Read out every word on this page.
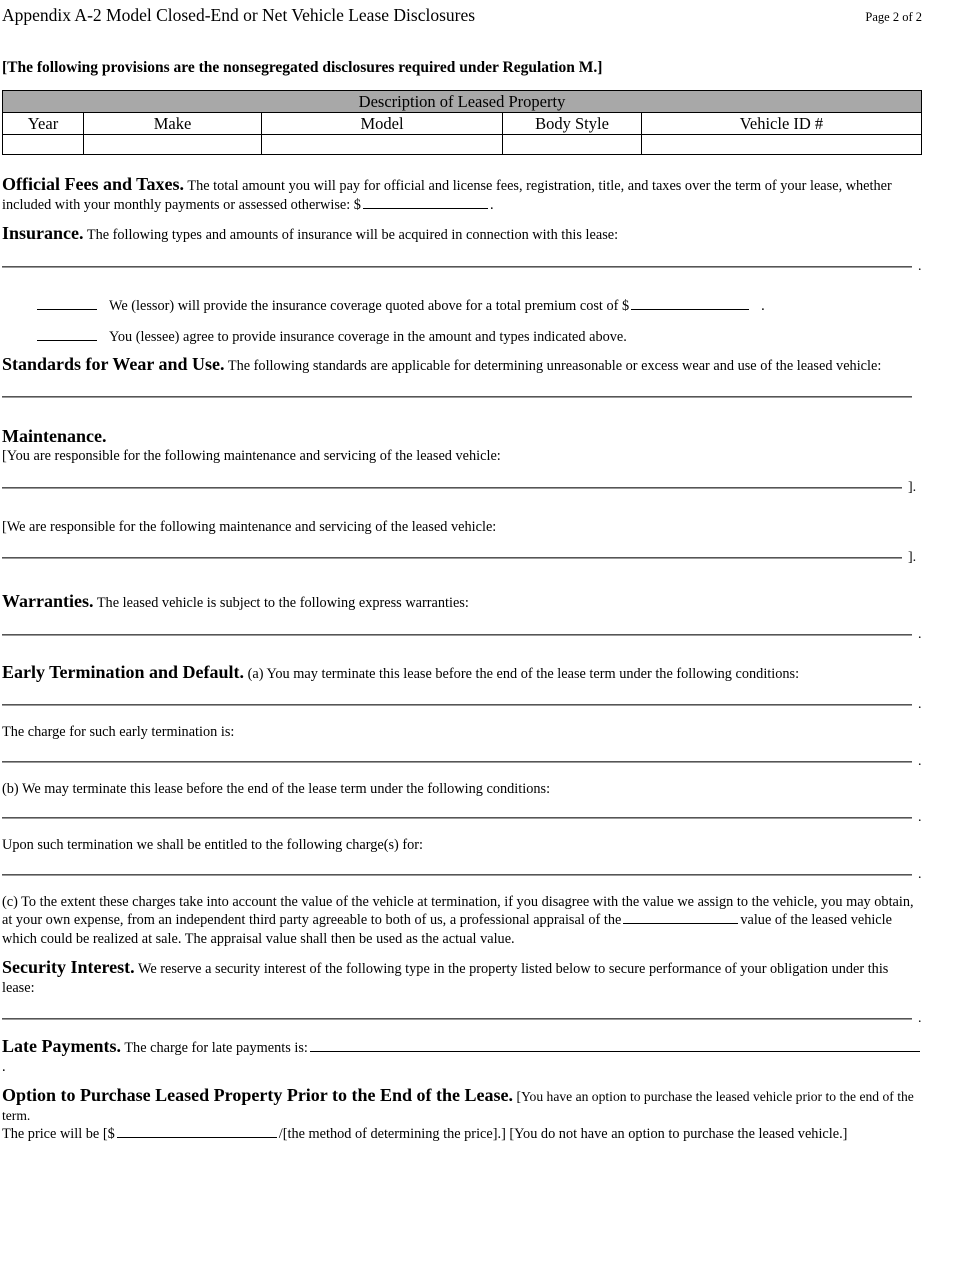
Appendix A-2 Model Closed-End or Net Vehicle Lease Disclosures	Page 2 of 2

[The following provisions are the nonsegregated disclosures required under Regulation M.]

Description of Leased Property				
Year	Make	Model	Body Style	Vehicle ID #

Official Fees and Taxes. The total amount you will pay for official and license fees, registration, title, and taxes over the term of your lease, whether included with your monthly payments or assessed otherwise: $	.

Insurance. The following types and amounts of insurance will be acquired in connection with this lease:

.

We (lessor) will provide the insurance coverage quoted above for a total premium cost of $	.

You (lessee) agree to provide insurance coverage in the amount and types indicated above.

Standards for Wear and Use. The following standards are applicable for determining unreasonable or excess wear and use of the leased vehicle:

Maintenance.

[You are responsible for the following maintenance and servicing of the leased vehicle:

].

[We are responsible for the following maintenance and servicing of the leased vehicle:

].

Warranties. The leased vehicle is subject to the following express warranties:

.

Early Termination and Default. (a) You may terminate this lease before the end of the lease term under the following conditions:

.

The charge for such early termination is:

.

(b) We may terminate this lease before the end of the lease term under the following conditions:

.

Upon such termination we shall be entitled to the following charge(s) for:

.

(c) To the extent these charges take into account the value of the vehicle at termination, if you disagree with the value we assign to the vehicle, you may obtain, at your own expense, from an independent third party agreeable to both of us, a professional appraisal of the	value of the leased vehicle which could be realized at sale. The appraisal value shall then be used as the actual value.

Security Interest. We reserve a security interest of the following type in the property listed below to secure performance of your obligation under this lease:

.

Late Payments. The charge for late payments is:.

Option to Purchase Leased Property Prior to the End of the Lease. [You have an option to purchase the leased vehicle prior to the end of the term.

The price will be [$	/[the method of determining the price].] [You do not have an option to purchase the leased vehicle.]
